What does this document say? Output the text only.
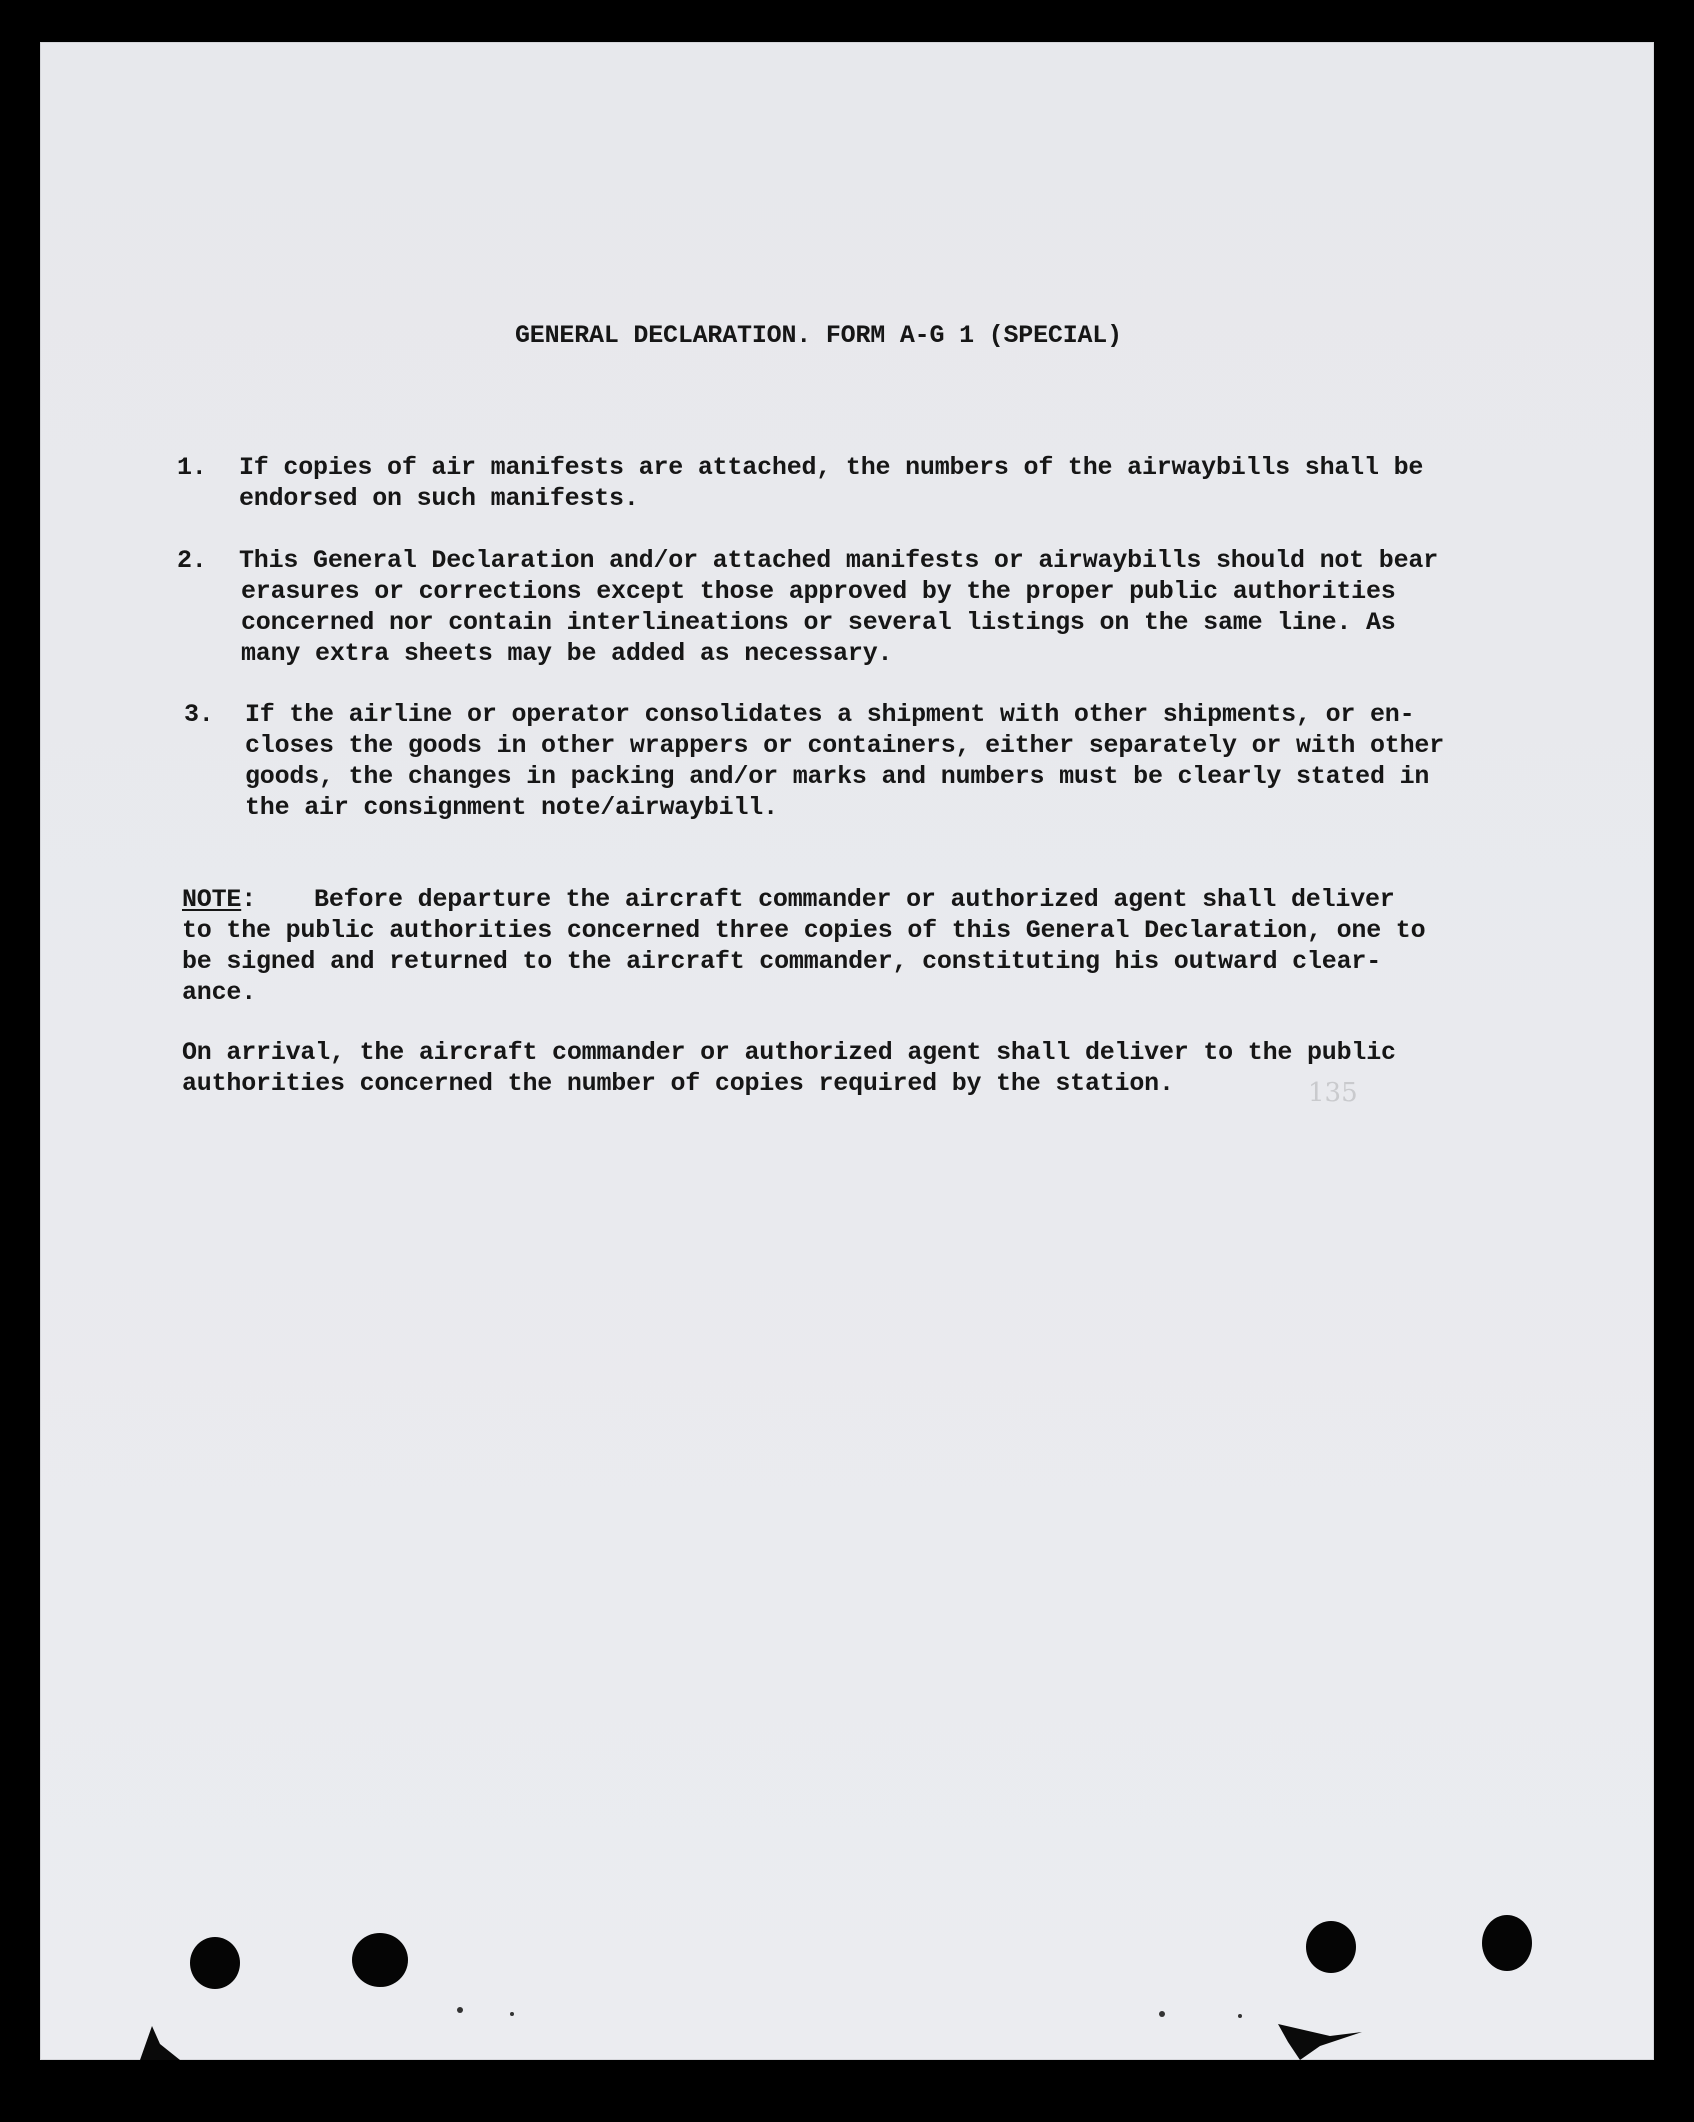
GENERAL DECLARATION. FORM A-G 1 (SPECIAL)

1. If copies of air manifests are attached, the numbers of the airwaybills shall be
endorsed on such manifests.
2. This General Declaration and/or attached manifests or airwaybills should not bear
erasures or corrections except those approved by the proper public authorities
concerned nor contain interlineations or several listings on the same line. As
many extra sheets may be added as necessary.
3. If the airline or operator consolidates a shipment with other shipments, or en-
closes the goods in other wrappers or containers, either separately or with other
goods, the changes in packing and/or marks and numbers must be clearly stated in
the air consignment note/airwaybill.
NOTE: Before departure the aircraft commander or authorized agent shall deliver
to the public authorities concerned three copies of this General Declaration, one to
be signed and returned to the aircraft commander, constituting his outward clear-
ance.
On arrival, the aircraft commander or authorized agent shall deliver to the public
authorities concerned the number of copies required by the station.	135
